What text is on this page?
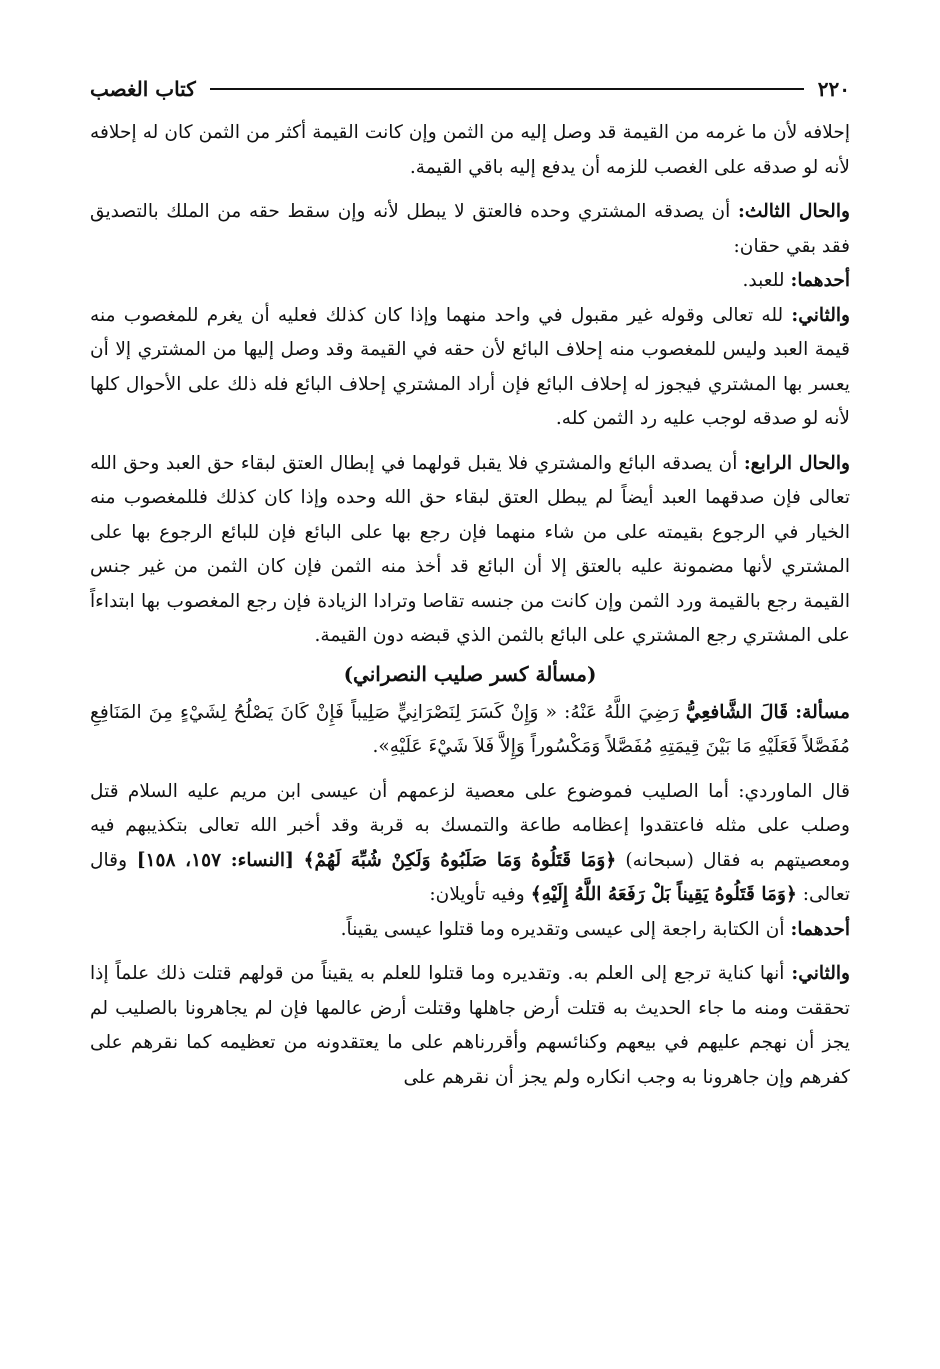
٢٢٠
كتاب الغصب

إحلافه لأن ما غرمه من القيمة قد وصل إليه من الثمن وإن كانت القيمة أكثر من الثمن كان له إحلافه لأنه لو صدقه على الغصب للزمه أن يدفع إليه باقي القيمة.

والحال الثالث: أن يصدقه المشتري وحده فالعتق لا يبطل لأنه وإن سقط حقه من الملك بالتصديق فقد بقي حقان:

أحدهما: للعبد.

والثاني: لله تعالى وقوله غير مقبول في واحد منهما وإذا كان كذلك فعليه أن يغرم للمغصوب منه قيمة العبد وليس للمغصوب منه إحلاف البائع لأن حقه في القيمة وقد وصل إليها من المشتري إلا أن يعسر بها المشتري فيجوز له إحلاف البائع فإن أراد المشتري إحلاف البائع فله ذلك على الأحوال كلها لأنه لو صدقه لوجب عليه رد الثمن كله.

والحال الرابع: أن يصدقه البائع والمشتري فلا يقبل قولهما في إبطال العتق لبقاء حق العبد وحق الله تعالى فإن صدقهما العبد أيضاً لم يبطل العتق لبقاء حق الله وحده وإذا كان كذلك فللمغصوب منه الخيار في الرجوع بقيمته على من شاء منهما فإن رجع بها على البائع فإن للبائع الرجوع بها على المشتري لأنها مضمونة عليه بالعتق إلا أن البائع قد أخذ منه الثمن فإن كان الثمن من غير جنس القيمة رجع بالقيمة ورد الثمن وإن كانت من جنسه تقاصا وترادا الزيادة فإن رجع المغصوب بها ابتداءاً على المشتري رجع المشتري على البائع بالثمن الذي قبضه دون القيمة.

(مسألة كسر صليب النصراني)

مسألة: قَالَ الشَّافعِيُّ رَضِيَ اللَّهُ عَنْهُ: « وَإِنْ كَسَرَ لِنَصْرَانِيٍّ صَلِيباً فَإِنْ كَانَ يَصْلُحُ لِشَيْءٍ مِنَ المَنَافِعِ مُفَصَّلاً فَعَلَيْهِ مَا بَيْنَ قِيمَتِهِ مُفَصَّلاً وَمَكْسُوراً وَإِلاَّ فَلاَ شَيْءَ عَلَيْهِ».

قال الماوردي: أما الصليب فموضوع على معصية لزعمهم أن عيسى ابن مريم عليه السلام قتل وصلب على مثله فاعتقدوا إعظامه طاعة والتمسك به قربة وقد أخبر الله تعالى بتكذيبهم فيه ومعصيتهم به فقال (سبحانه) ﴿وَمَا قَتَلُوهُ وَمَا صَلَبُوهُ وَلَكِنْ شُبِّهَ لَهُمْ﴾ [النساء: ١٥٧، ١٥٨] وقال تعالى: ﴿وَمَا قَتَلُوهُ يَقِيناً بَلْ رَفَعَهُ اللَّهُ إِلَيْهِ﴾ وفيه تأويلان:

أحدهما: أن الكتابة راجعة إلى عيسى وتقديره وما قتلوا عيسى يقيناً.

والثاني: أنها كناية ترجع إلى العلم به. وتقديره وما قتلوا للعلم به يقيناً من قولهم قتلت ذلك علماً إذا تحققت ومنه ما جاء الحديث به قتلت أرض جاهلها وقتلت أرض عالمها فإن لم يجاهرونا بالصليب لم يجز أن نهجم عليهم في بيعهم وكنائسهم وأقررناهم على ما يعتقدونه من تعظيمه كما نقرهم على كفرهم وإن جاهرونا به وجب انكاره ولم يجز أن نقرهم على
